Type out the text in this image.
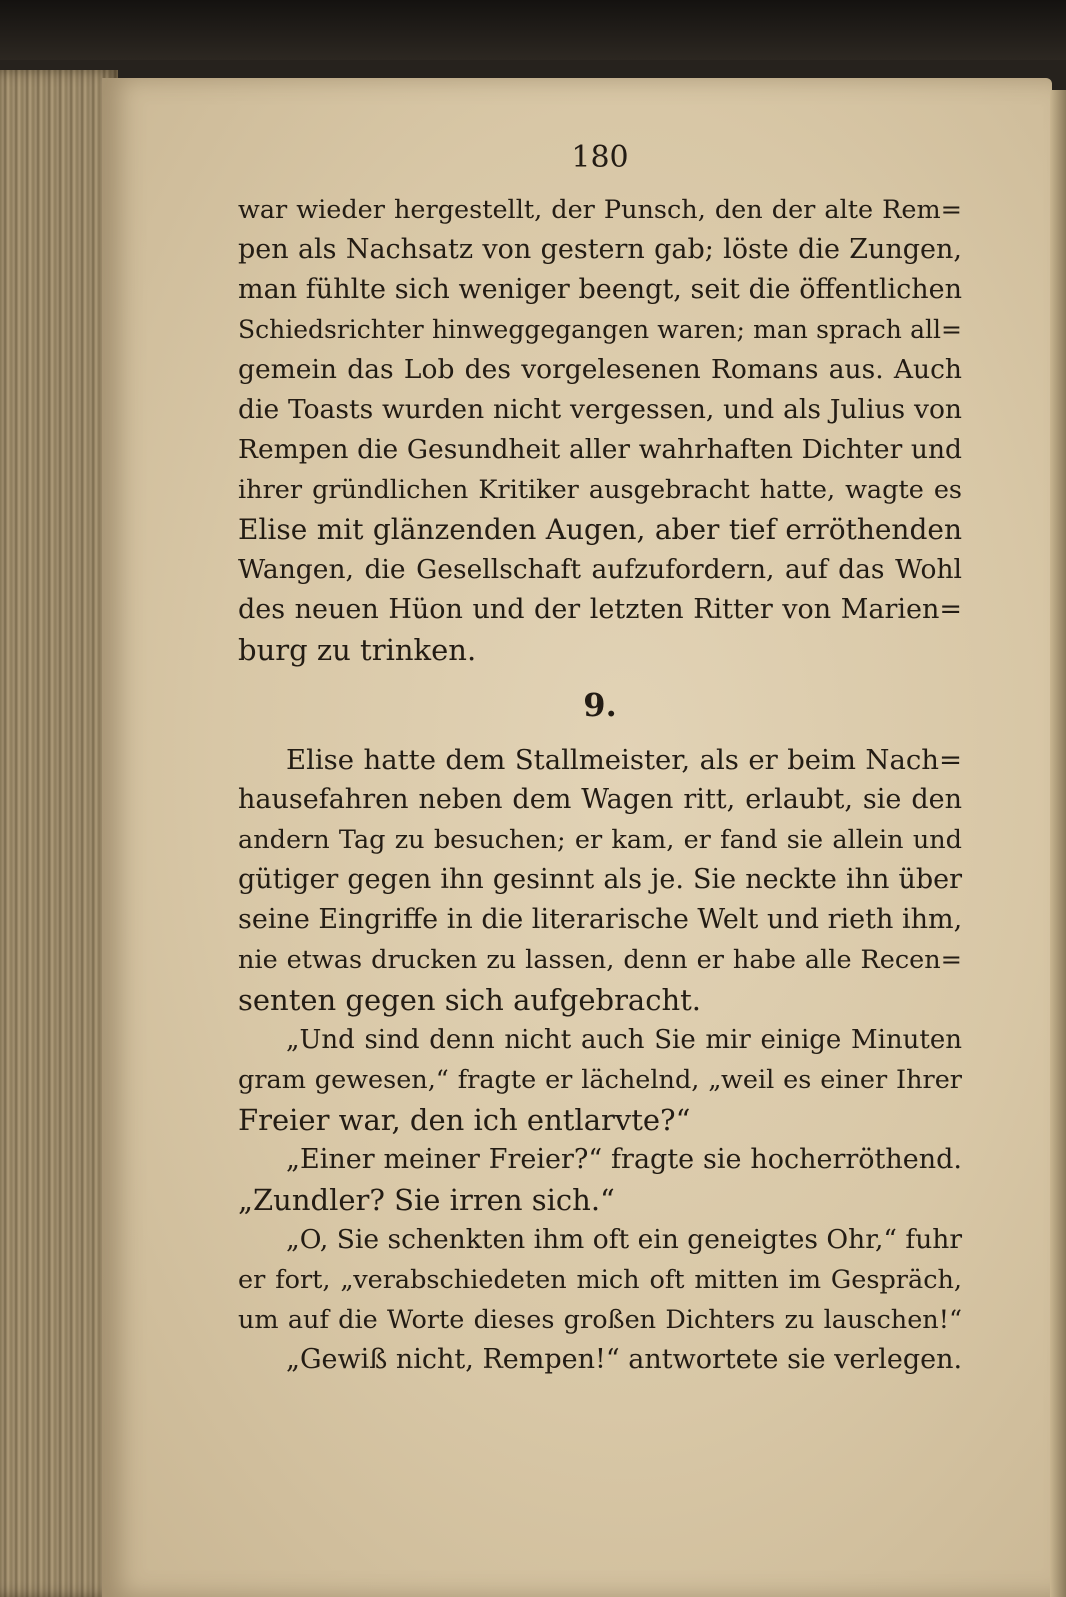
180
war wieder hergestellt, der Punsch, den der alte Rem=
pen als Nachsatz von gestern gab; löste die Zungen,
man fühlte sich weniger beengt, seit die öffentlichen
Schiedsrichter hinweggegangen waren; man sprach all=
gemein das Lob des vorgelesenen Romans aus. Auch
die Toasts wurden nicht vergessen, und als Julius von
Rempen die Gesundheit aller wahrhaften Dichter und
ihrer gründlichen Kritiker ausgebracht hatte, wagte es
Elise mit glänzenden Augen, aber tief erröthenden
Wangen, die Gesellschaft aufzufordern, auf das Wohl
des neuen Hüon und der letzten Ritter von Marien=
burg zu trinken.
9.
Elise hatte dem Stallmeister, als er beim Nach=
hausefahren neben dem Wagen ritt, erlaubt, sie den
andern Tag zu besuchen; er kam, er fand sie allein und
gütiger gegen ihn gesinnt als je. Sie neckte ihn über
seine Eingriffe in die literarische Welt und rieth ihm,
nie etwas drucken zu lassen, denn er habe alle Recen=
senten gegen sich aufgebracht.
„Und sind denn nicht auch Sie mir einige Minuten
gram gewesen,“ fragte er lächelnd, „weil es einer Ihrer
Freier war, den ich entlarvte?“
„Einer meiner Freier?“ fragte sie hocherröthend.
„Zundler? Sie irren sich.“
„O, Sie schenkten ihm oft ein geneigtes Ohr,“ fuhr
er fort, „verabschiedeten mich oft mitten im Gespräch,
um auf die Worte dieses großen Dichters zu lauschen!“
„Gewiß nicht, Rempen!“ antwortete sie verlegen.
